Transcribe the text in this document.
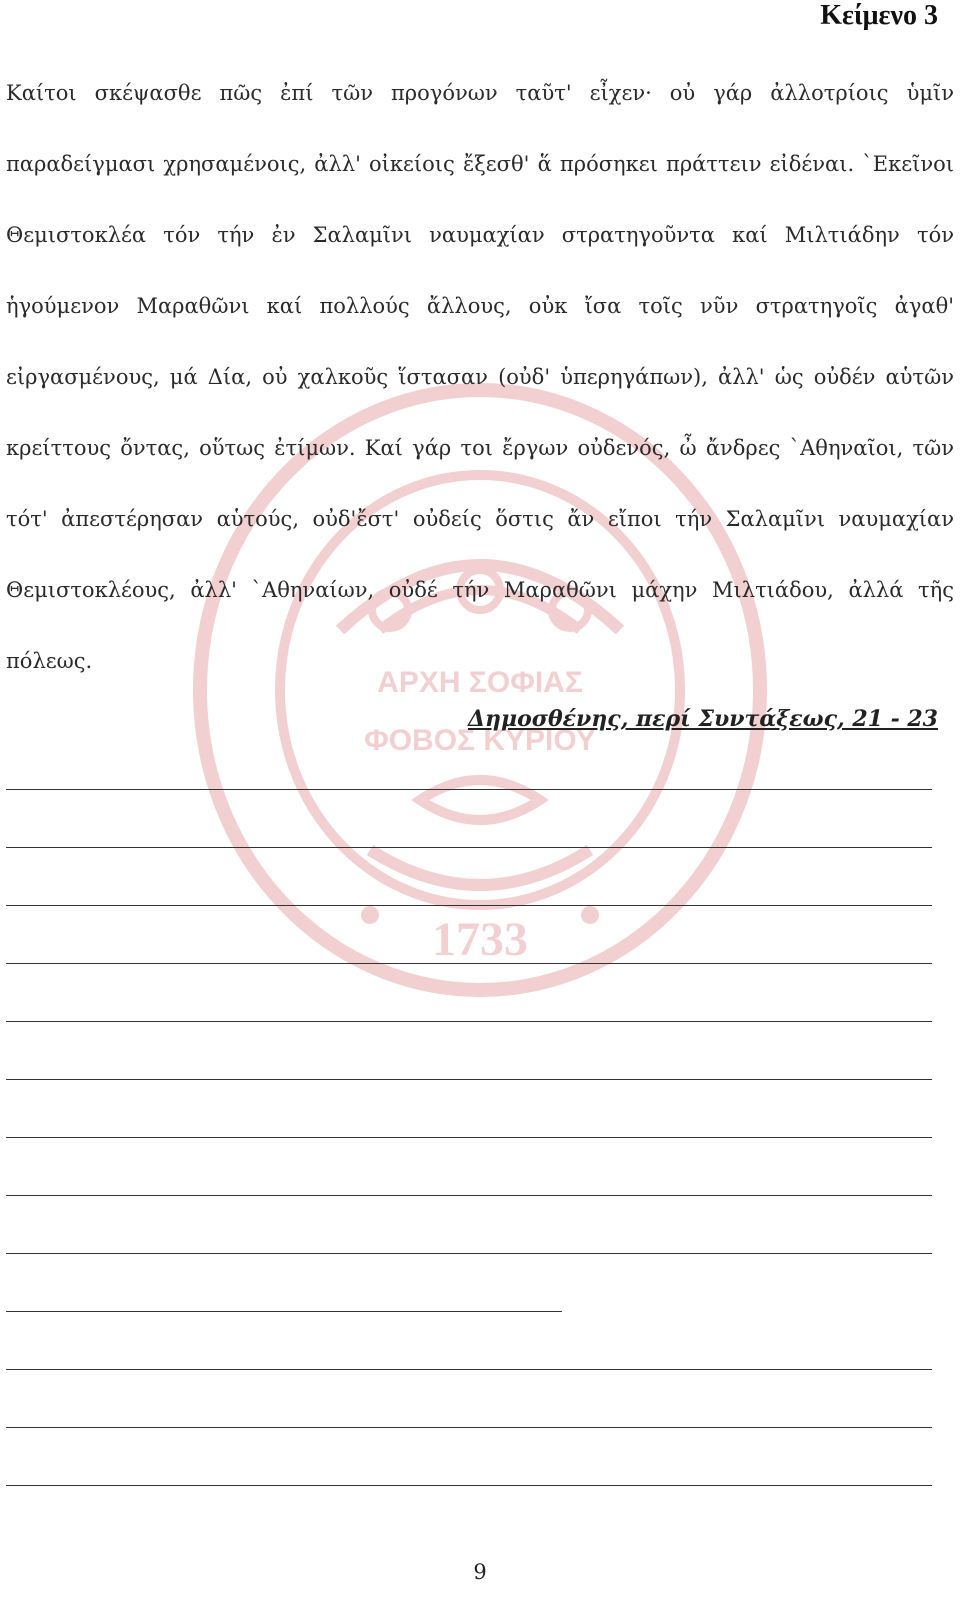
ΑΡΧΗ ΣΟΦΙΑΣ
ΦΟΒΟΣ ΚΥΡΙΟΥ
1733
Κείμενο 3

Καίτοι σκέψασθε πῶς ἐπί τῶν προγόνων ταῦτ' εἶχεν· οὐ γάρ ἀλλοτρίοις ὑμῖν παραδείγμασι χρησαμένοις, ἀλλ' οἰκείοις ἔξεσθ' ἅ πρόσηκει πράττειν εἰδέναι. `Εκεῖνοι Θεμιστοκλέα τόν τήν ἐν Σαλαμῖνι ναυμαχίαν στρατηγοῦντα καί Μιλτιάδην τόν ἡγούμενον Μαραθῶνι καί πολλούς ἄλλους, οὐκ ἴσα τοῖς νῦν στρατηγοῖς ἀγαθ' εἰργασμένους, μά Δία, οὐ χαλκοῦς ἵστασαν (οὐδ' ὑπερηγάπων), ἀλλ' ὡς οὐδέν αὑτῶν κρείττους ὄντας, οὕτως ἐτίμων. Καί γάρ τοι ἔργων οὐδενός, ὦ ἄνδρες `Αθηναῖοι, τῶν τότ' ἀπεστέρησαν αὑτούς, οὐδ'ἔστ' οὐδείς ὅστις ἄν εἴποι τήν Σαλαμῖνι ναυμαχίαν Θεμιστοκλέους, ἀλλ' `Αθηναίων, οὐδέ τήν Μαραθῶνι μάχην Μιλτιάδου, ἀλλά τῆς πόλεως.

Δημοσθένης, περί Συντάξεως, 21 - 23
9
